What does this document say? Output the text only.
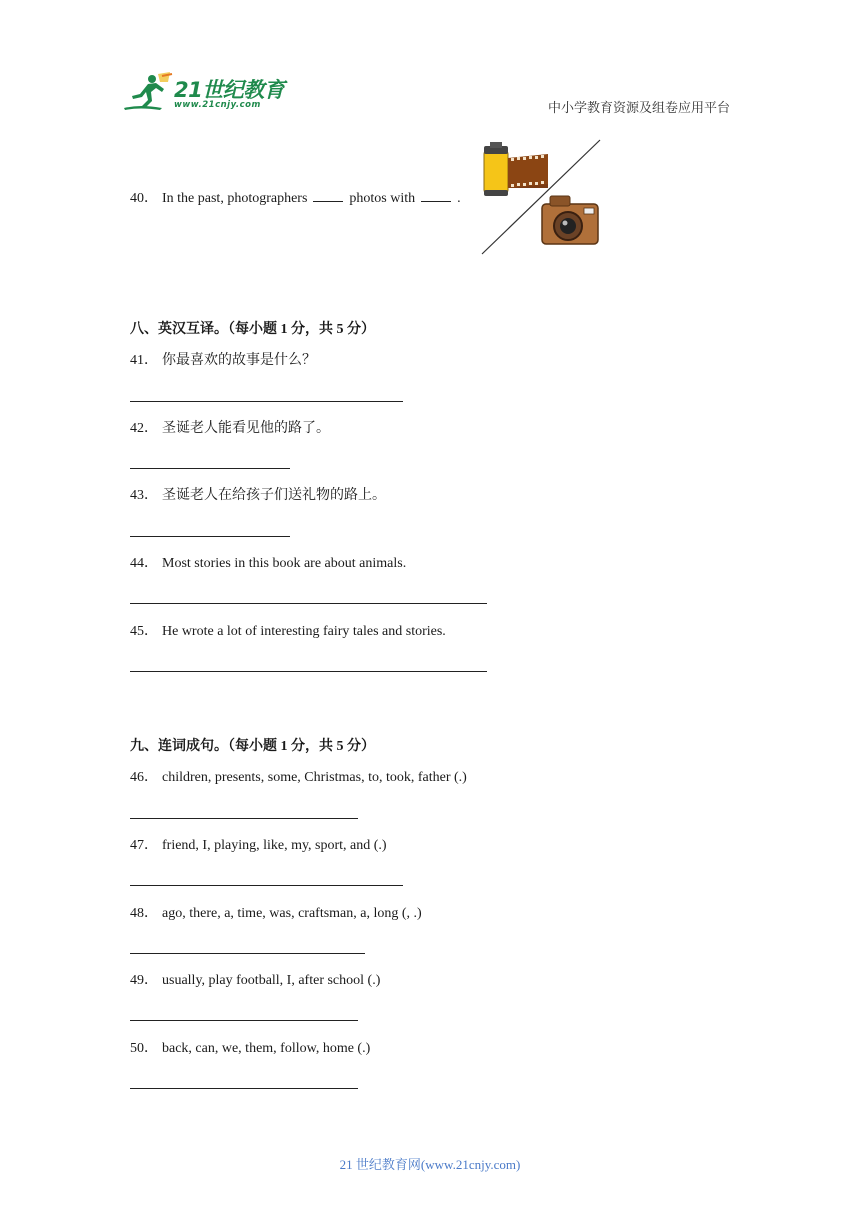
21世纪教育
www.21cnjy.com	中小学教育资源及组卷应用平台
40． In the past, photographers	photos with	.
八、英汉互译。（每小题 1 分，共 5 分）
41． 你最喜欢的故事是什么？
42． 圣诞老人能看见他的路了。
43． 圣诞老人在给孩子们送礼物的路上。
44． Most stories in this book are about animals.
45． He wrote a lot of interesting fairy tales and stories.
九、连词成句。（每小题 1 分，共 5 分）
46． children, presents, some, Christmas, to, took, father (.)
47． friend, I, playing, like, my, sport, and (.)
48． ago, there, a, time, was, craftsman, a, long (, .)
49． usually, play football, I, after school (.)
50． back, can, we, them, follow, home (.)
21 世纪教育网(www.21cnjy.com)
